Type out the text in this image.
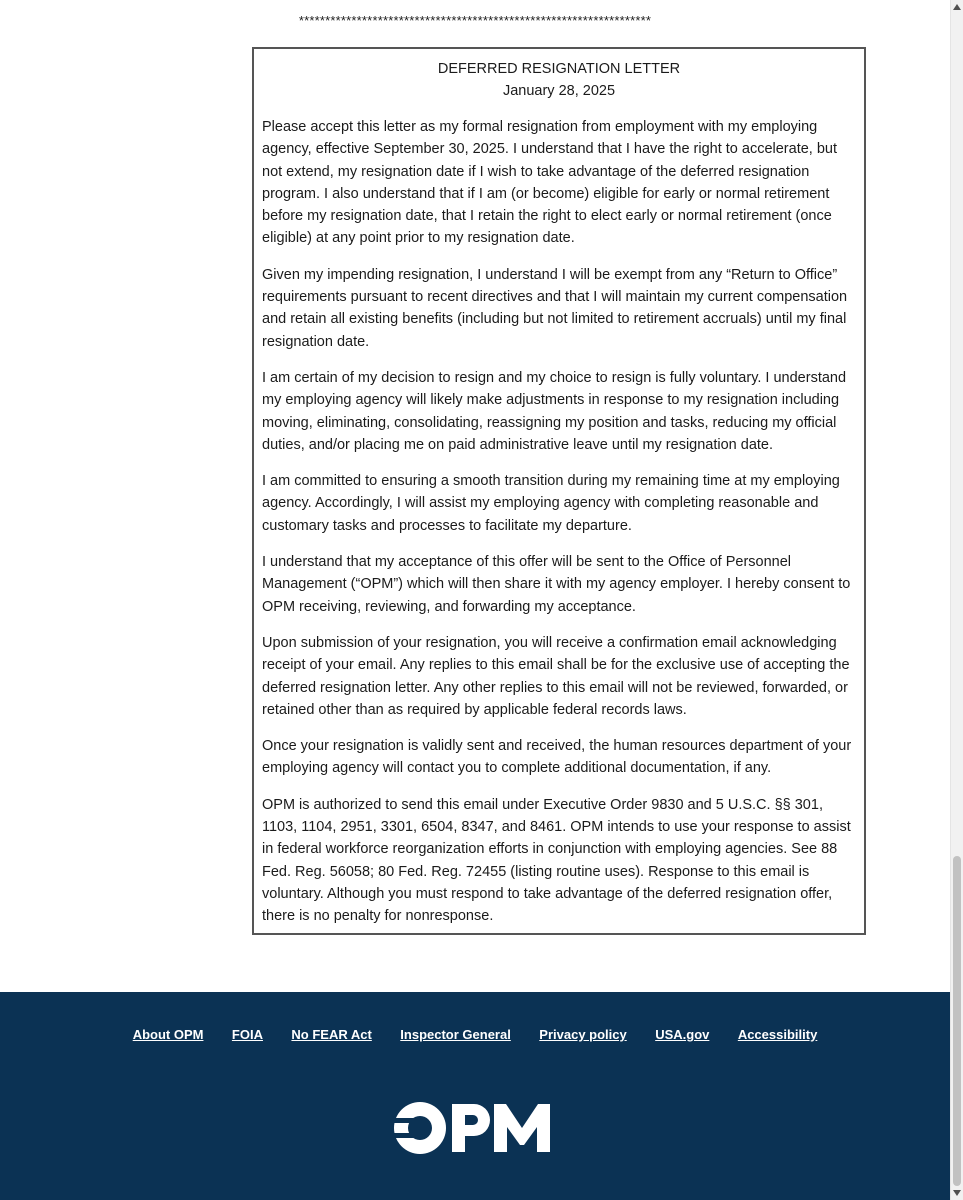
*******************************************************************
DEFERRED RESIGNATION LETTER
January 28, 2025

Please accept this letter as my formal resignation from employment with my employing agency, effective September 30, 2025. I understand that I have the right to accelerate, but not extend, my resignation date if I wish to take advantage of the deferred resignation program. I also understand that if I am (or become) eligible for early or normal retirement before my resignation date, that I retain the right to elect early or normal retirement (once eligible) at any point prior to my resignation date.

Given my impending resignation, I understand I will be exempt from any “Return to Office” requirements pursuant to recent directives and that I will maintain my current compensation and retain all existing benefits (including but not limited to retirement accruals) until my final resignation date.

I am certain of my decision to resign and my choice to resign is fully voluntary. I understand my employing agency will likely make adjustments in response to my resignation including moving, eliminating, consolidating, reassigning my position and tasks, reducing my official duties, and/or placing me on paid administrative leave until my resignation date.

I am committed to ensuring a smooth transition during my remaining time at my employing agency. Accordingly, I will assist my employing agency with completing reasonable and customary tasks and processes to facilitate my departure.

I understand that my acceptance of this offer will be sent to the Office of Personnel Management (“OPM”) which will then share it with my agency employer. I hereby consent to OPM receiving, reviewing, and forwarding my acceptance.

Upon submission of your resignation, you will receive a confirmation email acknowledging receipt of your email. Any replies to this email shall be for the exclusive use of accepting the deferred resignation letter. Any other replies to this email will not be reviewed, forwarded, or retained other than as required by applicable federal records laws.

Once your resignation is validly sent and received, the human resources department of your employing agency will contact you to complete additional documentation, if any.

OPM is authorized to send this email under Executive Order 9830 and 5 U.S.C. §§ 301, 1103, 1104, 2951, 3301, 6504, 8347, and 8461. OPM intends to use your response to assist in federal workforce reorganization efforts in conjunction with employing agencies. See 88 Fed. Reg. 56058; 80 Fed. Reg. 72455 (listing routine uses). Response to this email is voluntary. Although you must respond to take advantage of the deferred resignation offer, there is no penalty for nonresponse.

About OPM FOIA No FEAR Act Inspector General Privacy policy USA.gov Accessibility
